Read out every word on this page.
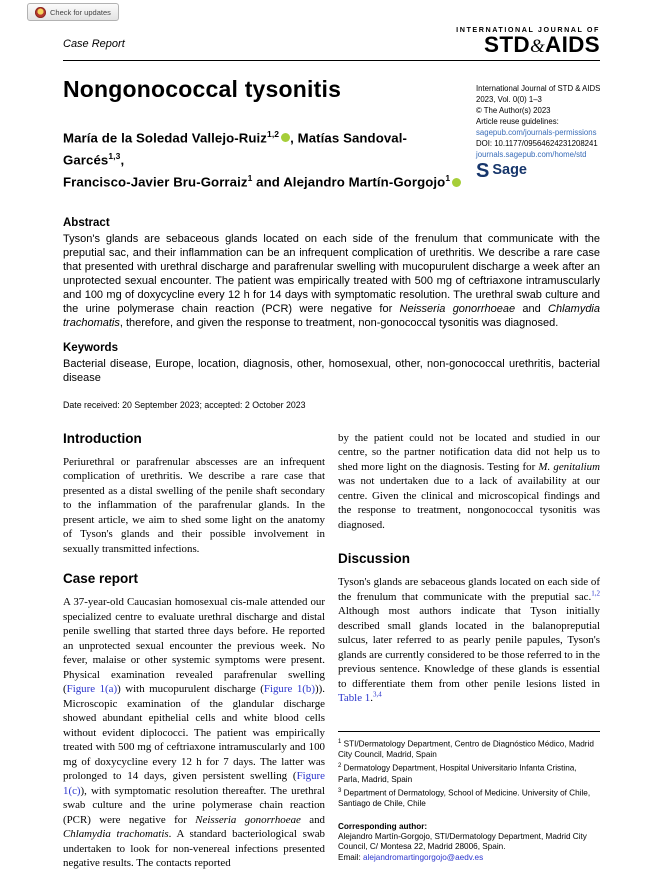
Check for updates
Case Report
INTERNATIONAL JOURNAL OF
STD&AIDS
Nongonococcal tysonitis
María de la Soledad Vallejo-Ruiz$^{1,2}$ , Matías Sandoval-Garcés$^{1,3}$,
Francisco-Javier Bru-Gorraiz$^1$ and Alejandro Martín-Gorgojo$^1$
International Journal of STD & AIDS
2023, Vol. 0(0) 1–3
© The Author(s) 2023
Article reuse guidelines:
sagepub.com/journals-permissions
DOI: 10.1177/09564624231208241
journals.sagepub.com/home/std
S Sage
Abstract

Tyson's glands are sebaceous glands located on each side of the frenulum that communicate with the preputial sac, and their inflammation can be an infrequent complication of urethritis. We describe a rare case that presented with urethral discharge and parafrenular swelling with mucopurulent discharge a week after an unprotected sexual encounter. The patient was empirically treated with 500 mg of ceftriaxone intramuscularly and 100 mg of doxycycline every 12 h for 14 days with symptomatic resolution. The urethral swab culture and the urine polymerase chain reaction (PCR) were negative for Neisseria gonorrhoeae and Chlamydia trachomatis, therefore, and given the response to treatment, non-gonococcal tysonitis was diagnosed.

Keywords

Bacterial disease, Europe, location, diagnosis, other, homosexual, other, non-gonococcal urethritis, bacterial disease

Date received: 20 September 2023; accepted: 2 October 2023
Introduction

Periurethral or parafrenular abscesses are an infrequent complication of urethritis. We describe a rare case that presented as a distal swelling of the penile shaft secondary to the inflammation of the parafrenular glands. In the present article, we aim to shed some light on the anatomy of Tyson's glands and their possible involvement in sexually transmitted infections.

Case report

A 37-year-old Caucasian homosexual cis-male attended our specialized centre to evaluate urethral discharge and distal penile swelling that started three days before. He reported an unprotected sexual encounter the previous week. No fever, malaise or other systemic symptoms were present. Physical examination revealed parafrenular swelling (Figure 1(a)) with mucopurulent discharge (Figure 1(b))). Microscopic examination of the glandular discharge showed abundant epithelial cells and white blood cells without evident diplococci. The patient was empirically treated with 500 mg of ceftriaxone intramuscularly and 100 mg of doxycycline every 12 h for 7 days. The latter was prolonged to 14 days, given persistent swelling (Figure 1(c)), with symptomatic resolution thereafter. The urethral swab culture and the urine polymerase chain reaction (PCR) were negative for Neisseria gonorrhoeae and Chlamydia trachomatis. A standard bacteriological swab undertaken to look for non-venereal infections presented negative results. The contacts reported

by the patient could not be located and studied in our centre, so the partner notification data did not help us to shed more light on the diagnosis. Testing for M. genitalium was not undertaken due to a lack of availability at our centre. Given the clinical and microscopical findings and the response to treatment, nongonococcal tysonitis was diagnosed.

Discussion

Tyson's glands are sebaceous glands located on each side of the frenulum that communicate with the preputial sac.$^{1,2}$ Although most authors indicate that Tyson initially described small glands located in the balanopreputial sulcus, later referred to as pearly penile papules, Tyson's glands are currently considered to be those referred to in the previous sentence. Knowledge of these glands is essential to differentiate them from other penile lesions listed in Table 1.$^{3,4}$

$^1$ STI/Dermatology Department, Centro de Diagnóstico Médico, Madrid City Council, Madrid, Spain
$^2$ Dermatology Department, Hospital Universitario Infanta Cristina, Parla, Madrid, Spain
$^3$ Department of Dermatology, School of Medicine. University of Chile, Santiago de Chile, Chile
Corresponding author:
Alejandro Martín-Gorgojo, STI/Dermatology Department, Madrid City Council, C/ Montesa 22, Madrid 28006, Spain.
Email: alejandromartingorgojo@aedv.es
